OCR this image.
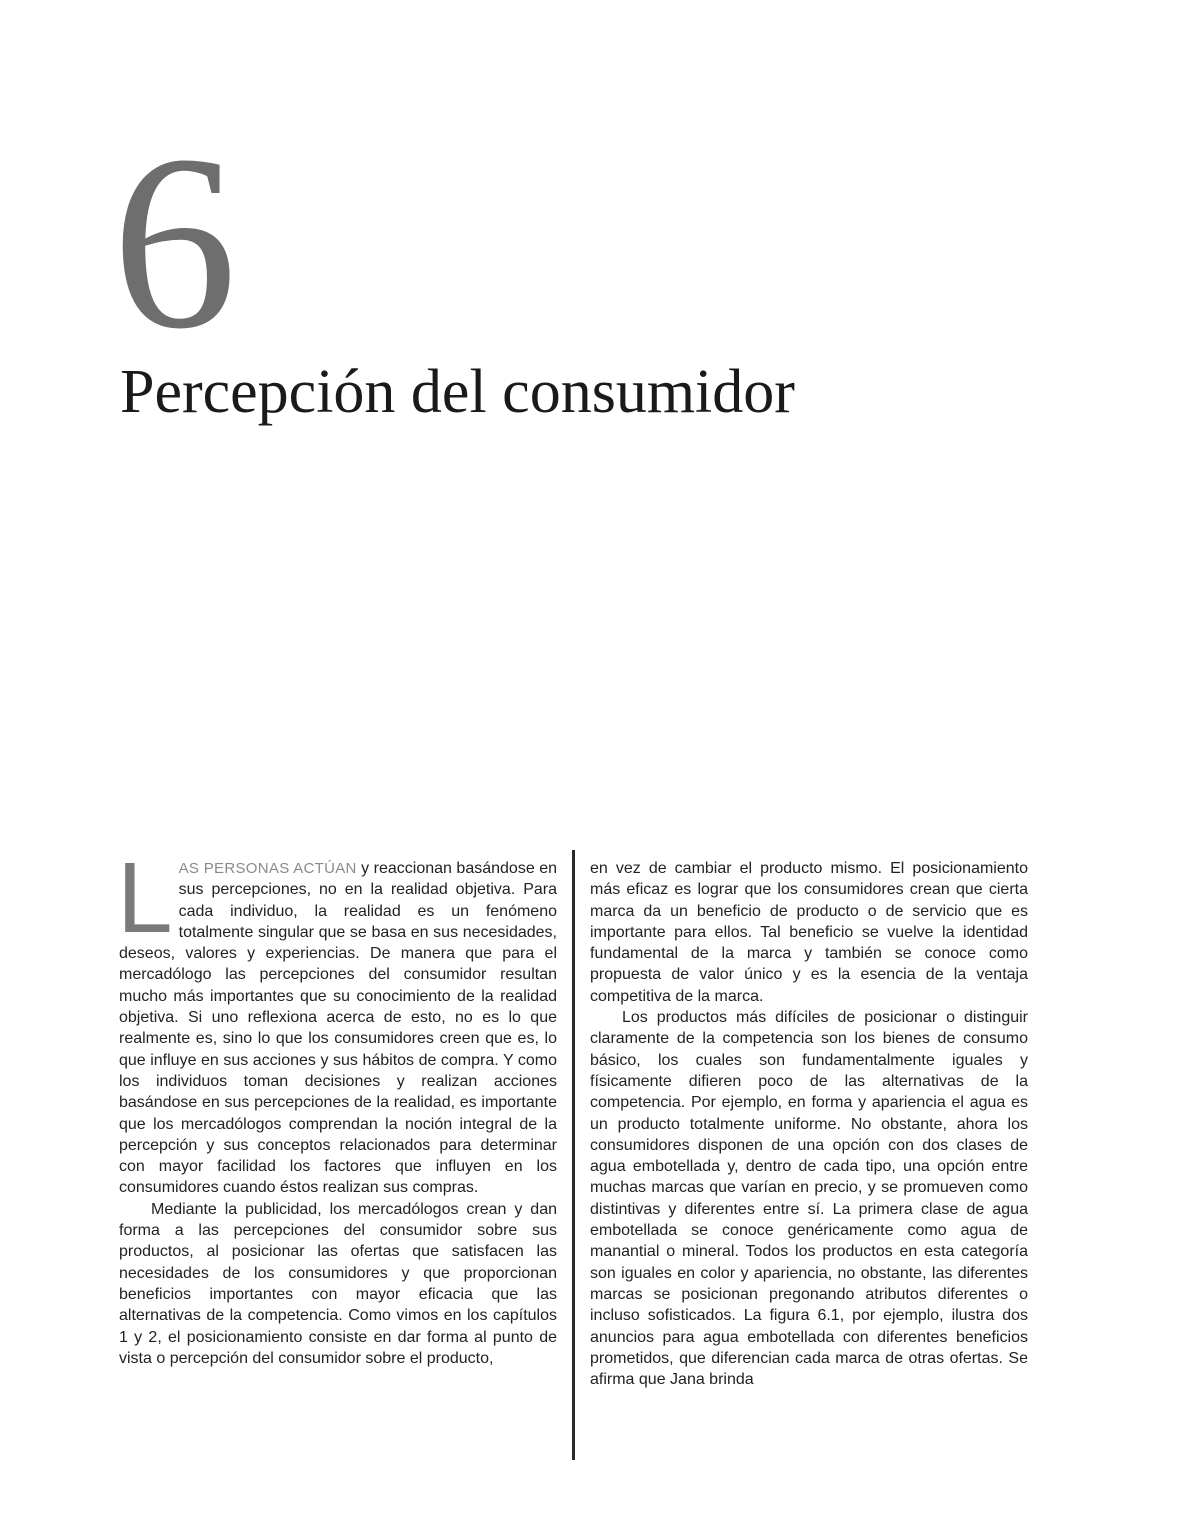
6
Percepción del consumidor

LAS PERSONAS ACTÚAN y reaccionan basándose en sus percepciones, no en la realidad objetiva. Para cada individuo, la realidad es un fenómeno totalmente singular que se basa en sus necesidades, deseos, valores y experiencias. De manera que para el mercadólogo las percepciones del consumidor resultan mucho más importantes que su conocimiento de la realidad objetiva. Si uno reflexiona acerca de esto, no es lo que realmente es, sino lo que los consumidores creen que es, lo que influye en sus acciones y sus hábitos de compra. Y como los individuos toman decisiones y realizan acciones basándose en sus percepciones de la realidad, es importante que los mercadólogos comprendan la noción integral de la percepción y sus conceptos relacionados para determinar con mayor facilidad los factores que influyen en los consumidores cuando éstos realizan sus compras.

Mediante la publicidad, los mercadólogos crean y dan forma a las percepciones del consumidor sobre sus productos, al posicionar las ofertas que satisfacen las necesidades de los consumidores y que proporcionan beneficios importantes con mayor eficacia que las alternativas de la competencia. Como vimos en los capítulos 1 y 2, el posicionamiento consiste en dar forma al punto de vista o percepción del consumidor sobre el producto,

en vez de cambiar el producto mismo. El posicionamiento más eficaz es lograr que los consumidores crean que cierta marca da un beneficio de producto o de servicio que es importante para ellos. Tal beneficio se vuelve la identidad fundamental de la marca y también se conoce como propuesta de valor único y es la esencia de la ventaja competitiva de la marca.

Los productos más difíciles de posicionar o distinguir claramente de la competencia son los bienes de consumo básico, los cuales son fundamentalmente iguales y físicamente difieren poco de las alternativas de la competencia. Por ejemplo, en forma y apariencia el agua es un producto totalmente uniforme. No obstante, ahora los consumidores disponen de una opción con dos clases de agua embotellada y, dentro de cada tipo, una opción entre muchas marcas que varían en precio, y se promueven como distintivas y diferentes entre sí. La primera clase de agua embotellada se conoce genéricamente como agua de manantial o mineral. Todos los productos en esta categoría son iguales en color y apariencia, no obstante, las diferentes marcas se posicionan pregonando atributos diferentes o incluso sofisticados. La figura 6.1, por ejemplo, ilustra dos anuncios para agua embotellada con diferentes beneficios prometidos, que diferencian cada marca de otras ofertas. Se afirma que Jana brinda
